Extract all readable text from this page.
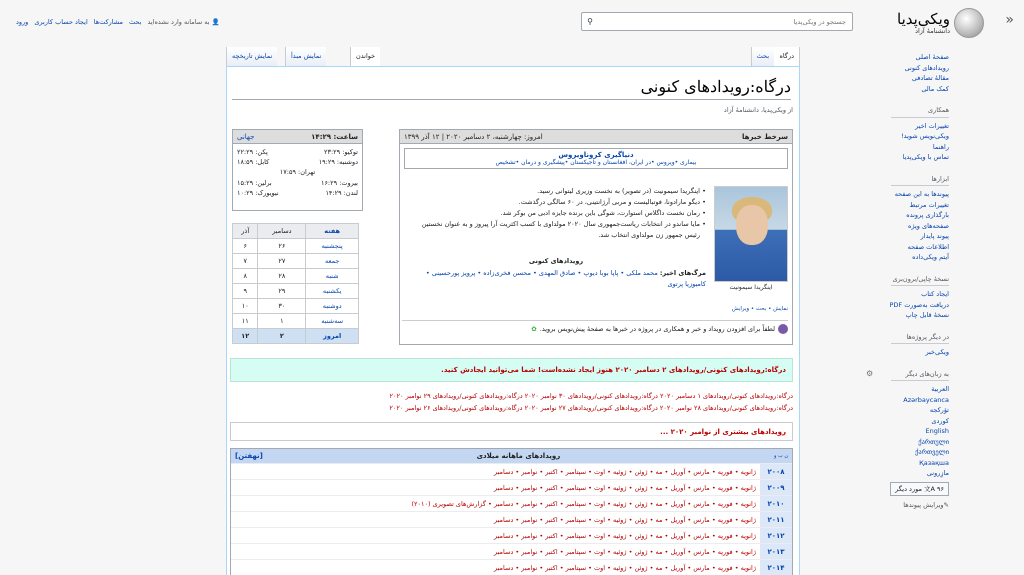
👤
به سامانه وارد نشده‌اید
بحث
مشارکت‌ها
ایجاد حساب کاربری
ورود
جستجو در ویکی‌پدیا	⚲	«
ویکی‌پدیا
دانشنامهٔ آزاد
صفحهٔ اصلی
رویدادهای کنونی
مقالهٔ تصادفی
کمک مالی
همکاری
تغییرات اخیر
ویکی‌نویس شوید!
راهنما
تماس با ویکی‌پدیا
ابزارها
پیوندها به این صفحه
تغییرات مرتبط
بارگذاری پرونده
صفحه‌های ویژه
پیوند پایدار
اطلاعات صفحه
آیتم ویکی‌داده
نسخهٔ چاپی/برون‌بری
ایجاد کتاب
دریافت به‌صورت PDF
نسخهٔ قابل چاپ
در دیگر پروژه‌ها
ویکی‌خبر
⚙	به زبان‌های دیگر
العربية
Azərbaycanca
تۆرکجه
کوردی
English
ქართული
ქართველი
Қазақша
مازِرونی
文A ۹۶ مورد دیگر
✎ویرایش پیوندها
درگاه
بحث
خواندن
نمایش مبدأ
نمایش تاریخچه
درگاه:رویدادهای کنونی
از ویکی‌پدیا، دانشنامهٔ آزاد
سرخط خبرها
امروز: چهارشنبه، ۲ دسامبر ۲۰۲۰ | ۱۲ آذر ۱۳۹۹
دنیاگیری کروناویروس
بیماری •ویروس •در ایران، افغانستان و تاجیکستان •پیشگیری و درمان •تشخیص
اینگریدا سیمونیت
• اینگریدا سیمونیت (در تصویر) به نخست وزیری لیتوانی رسید.
• دیگو مارادونا، فوتبالیست و مربی آرژانتینی، در ۶۰ سالگی درگذشت.
• رمان نخست داگلاس استوارت، شوگی باین برنده جایزه ادبی من بوکر شد.
• مایا ساندو در انتخابات ریاست‌جمهوری سال ۲۰۲۰ مولداوی با کسب اکثریت آرا پیروز و به عنوان نخستین رئیس جمهور زن مولداوی انتخاب شد.
رویدادهای کنونی
مرگ‌های اخیر: محمد ملکی • پاپا بوبا دیوپ • صادق المهدی • محسن فخری‌زاده • پرویز پورحسینی • کامبوزیا پرتوی
نمایش • بحث • ویرایش
لطفاً برای افزودن رویداد و خبر و همکاری در پروژه در خبرها به صفحهٔ پیش‌نویس بروید.
✿
ساعت: ۱۴:۲۹
جهانی
توکیو: ۲۳:۲۹
پکن: ۲۲:۲۹
دوشنبه: ۱۹:۲۹
کابل: ۱۸:۵۹
تهران: ۱۷:۵۹
بیروت: ۱۶:۲۹
برلین: ۱۵:۲۹
لندن: ۱۴:۲۹
نیویورک: ۱۰:۲۹
هفته	دسامبر	آذر
پنجشنبه	۲۶	۶
جمعه	۲۷	۷
شنبه	۲۸	۸
یکشنبه	۲۹	۹
دوشنبه	۳۰	۱۰
سه‌شنبه	۱	۱۱
امروز	۲	۱۲
درگاه:رویدادهای کنونی/رویدادهای ۲ دسامبر ۲۰۲۰ هنوز ایجاد نشده‌است! شما می‌توانید ایجادش کنید.
درگاه:رویدادهای کنونی/رویدادهای ۱ دسامبر ۲۰۲۰ درگاه:رویدادهای کنونی/رویدادهای ۳۰ نوامبر ۲۰۲۰ درگاه:رویدادهای کنونی/رویدادهای ۲۹ نوامبر ۲۰۲۰
درگاه:رویدادهای کنونی/رویدادهای ۲۸ نوامبر ۲۰۲۰ درگاه:رویدادهای کنونی/رویدادهای ۲۷ نوامبر ۲۰۲۰ درگاه:رویدادهای کنونی/رویدادهای ۲۶ نوامبر ۲۰۲۰
رویدادهای بیشتری از نوامبر ۲۰۲۰ ...
ن ب و
رویدادهای ماهانه میلادی
[نهفتن]
۲۰۰۸
ژانویه • فوریه • مارس • آوریل • مه • ژوئن • ژوئیه • اوت • سپتامبر • اکتبر • نوامبر • دسامبر
۲۰۰۹
ژانویه • فوریه • مارس • آوریل • مه • ژوئن • ژوئیه • اوت • سپتامبر • اکتبر • نوامبر • دسامبر
۲۰۱۰
ژانویه • فوریه • مارس • آوریل • مه • ژوئن • ژوئیه • اوت • سپتامبر • اکتبر • نوامبر • دسامبر • گزارش‌های تصویری (۲۰۱۰)
۲۰۱۱
ژانویه • فوریه • مارس • آوریل • مه • ژوئن • ژوئیه • اوت • سپتامبر • اکتبر • نوامبر • دسامبر
۲۰۱۲
ژانویه • فوریه • مارس • آوریل • مه • ژوئن • ژوئیه • اوت • سپتامبر • اکتبر • نوامبر • دسامبر
۲۰۱۳
ژانویه • فوریه • مارس • آوریل • مه • ژوئن • ژوئیه • اوت • سپتامبر • اکتبر • نوامبر • دسامبر
۲۰۱۴
ژانویه • فوریه • مارس • آوریل • مه • ژوئن • ژوئیه • اوت • سپتامبر • اکتبر • نوامبر • دسامبر
